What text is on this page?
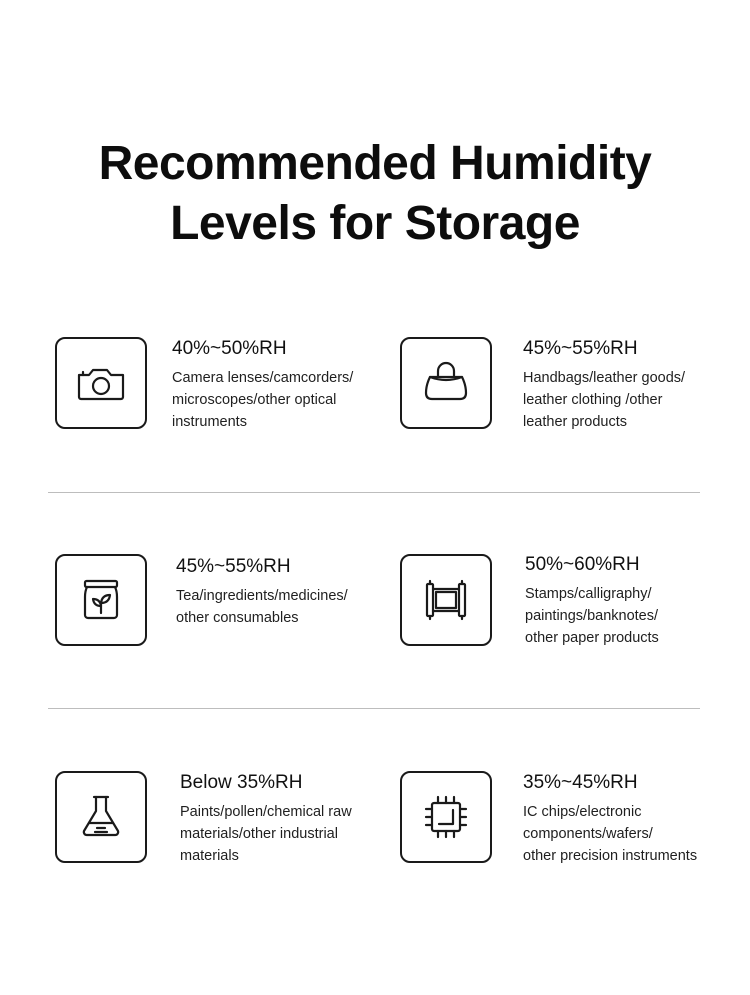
Recommended Humidity
Levels for Storage
40%~50%RH
Camera lenses/camcorders/
microscopes/other optical
instruments
45%~55%RH
Handbags/leather goods/
leather clothing /other
leather products
45%~55%RH
Tea/ingredients/medicines/
other consumables
50%~60%RH
Stamps/calligraphy/
paintings/banknotes/
other paper products
Below 35%RH
Paints/pollen/chemical raw
materials/other industrial
materials
35%~45%RH
IC chips/electronic
components/wafers/
other precision instruments
